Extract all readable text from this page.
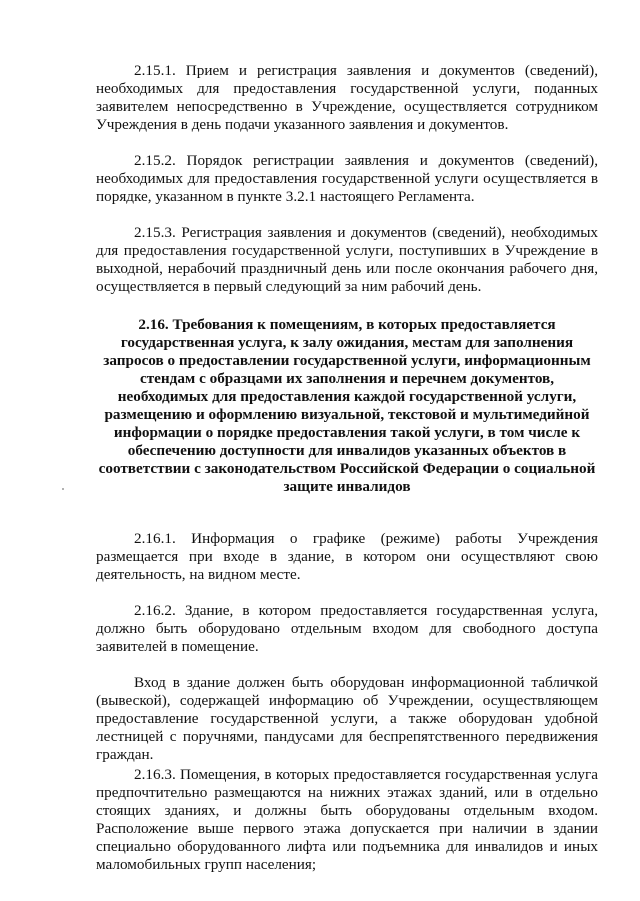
2.15.1. Прием и регистрация заявления и документов (сведений), необходимых для предоставления государственной услуги, поданных заявителем непосредственно в Учреждение, осуществляется сотрудником Учреждения в день подачи указанного заявления и документов.

2.15.2. Порядок регистрации заявления и документов (сведений), необходимых для предоставления государственной услуги осуществляется в порядке, указанном в пункте 3.2.1 настоящего Регламента.

2.15.3. Регистрация заявления и документов (сведений), необходимых для предоставления государственной услуги, поступивших в Учреждение в выходной, нерабочий праздничный день или после окончания рабочего дня, осуществляется в первый следующий за ним рабочий день.

2.16. Требования к помещениям, в которых предоставляется государственная услуга, к залу ожидания, местам для заполнения запросов о предоставлении государственной услуги, информационным стендам с образцами их заполнения и перечнем документов, необходимых для предоставления каждой государственной услуги, размещению и оформлению визуальной, текстовой и мультимедийной информации о порядке предоставления такой услуги, в том числе к обеспечению доступности для инвалидов указанных объектов в соответствии с законодательством Российской Федерации о социальной защите инвалидов

2.16.1. Информация о графике (режиме) работы Учреждения размещается при входе в здание, в котором они осуществляют свою деятельность, на видном месте.

2.16.2. Здание, в котором предоставляется государственная услуга, должно быть оборудовано отдельным входом для свободного доступа заявителей в помещение.

Вход в здание должен быть оборудован информационной табличкой (вывеской), содержащей информацию об Учреждении, осуществляющем предоставление государственной услуги, а также оборудован удобной лестницей с поручнями, пандусами для беспрепятственного передвижения граждан.

2.16.3. Помещения, в которых предоставляется государственная услуга предпочтительно размещаются на нижних этажах зданий, или в отдельно стоящих зданиях, и должны быть оборудованы отдельным входом. Расположение выше первого этажа допускается при наличии в здании специально оборудованного лифта или подъемника для инвалидов и иных маломобильных групп населения;
